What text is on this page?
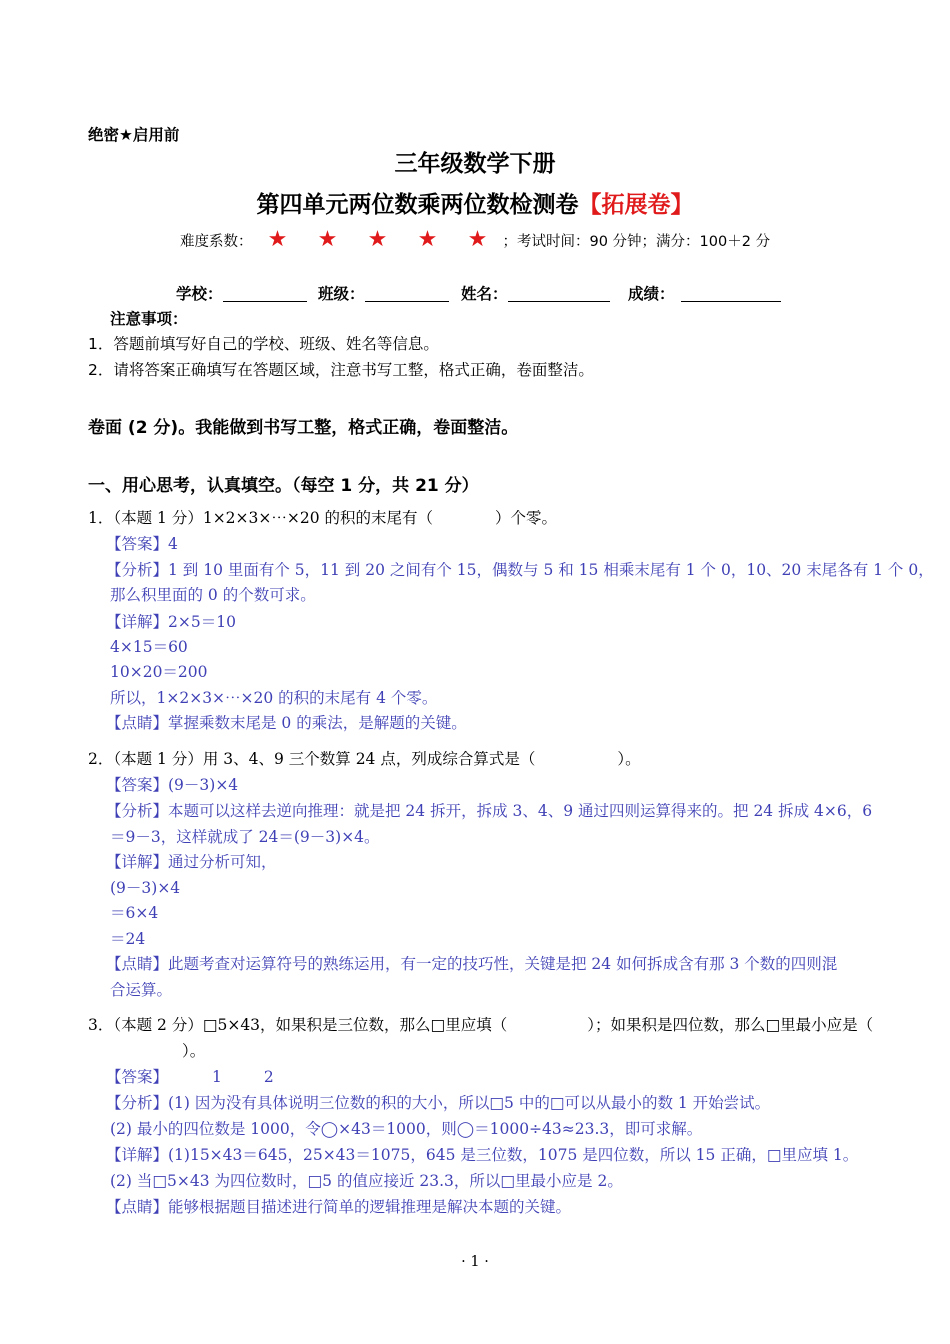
绝密★启用前
三年级数学下册
第四单元两位数乘两位数检测卷【拓展卷】
难度系数： ★ ★ ★ ★ ★ ；考试时间：90 分钟；满分：100＋2 分
学校：	班级：	姓名：	成绩：
注意事项：
1．答题前填写好自己的学校、班级、姓名等信息。
2．请将答案正确填写在答题区域，注意书写工整，格式正确，卷面整洁。
卷面 (2 分)。我能做到书写工整，格式正确，卷面整洁。
一、用心思考，认真填空。（每空 1 分，共 21 分）
1．（本题 1 分）1×2×3×⋯×20 的积的末尾有（	）个零。
【答案】4
【分析】1 到 10 里面有个 5，11 到 20 之间有个 15，偶数与 5 和 15 相乘末尾有 1 个 0，10、20 末尾各有 1 个 0，
那么积里面的 0 的个数可求。
【详解】2×5＝10
4×15＝60
10×20＝200
所以，1×2×3×⋯×20 的积的末尾有 4 个零。
【点睛】掌握乘数末尾是 0 的乘法，是解题的关键。
2．（本题 1 分）用 3、4、9 三个数算 24 点，列成综合算式是（	）。
【答案】(9－3)×4
【分析】本题可以这样去逆向推理：就是把 24 拆开，拆成 3、4、9 通过四则运算得来的。把 24 拆成 4×6，6
＝9－3，这样就成了 24＝(9－3)×4。
【详解】通过分析可知，
(9－3)×4
＝6×4
＝24
【点睛】此题考查对运算符号的熟练运用，有一定的技巧性，关键是把 24 如何拆成含有那 3 个数的四则混
合运算。
3．（本题 2 分）□5×43，如果积是三位数，那么□里应填（	）；如果积是四位数，那么□里最小应是（
）。
【答案】	1	2
【分析】(1) 因为没有具体说明三位数的积的大小，所以□5 中的□可以从最小的数 1 开始尝试。
(2) 最小的四位数是 1000，令◯×43＝1000，则◯＝1000÷43≈23.3，即可求解。
【详解】(1)15×43＝645，25×43＝1075，645 是三位数，1075 是四位数，所以 15 正确，□里应填 1。
(2) 当□5×43 为四位数时，□5 的值应接近 23.3，所以□里最小应是 2。
【点睛】能够根据题目描述进行简单的逻辑推理是解决本题的关键。
· 1 ·
